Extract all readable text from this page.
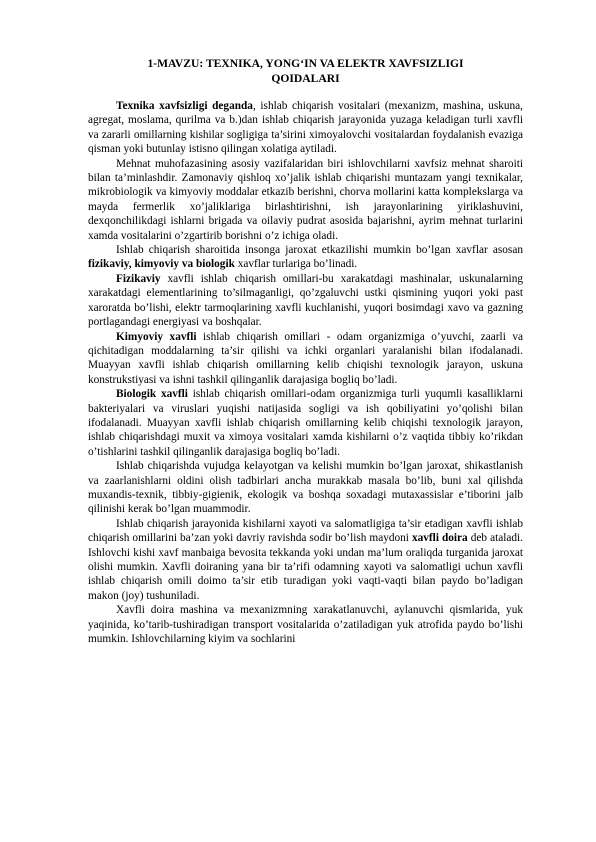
1-MAVZU: TEXNIKA, YONG‘IN VA ELEKTR XAVFSIZLIGI
QOIDALARI

Texnika xavfsizligi deganda, ishlab chiqarish vositalari (mexanizm, mashina, uskuna, agregat, moslama, qurilma va b.)dan ishlab chiqarish jarayonida yuzaga keladigan turli xavfli va zararli omillarning kishilar sogligiga ta’sirini ximoyalovchi vositalardan foydalanish evaziga qisman yoki butunlay istisno qilingan xolatiga aytiladi.

Mehnat muhofazasining asosiy vazifalaridan biri ishlovchilarni xavfsiz mehnat sharoiti bilan ta’minlashdir. Zamonaviy qishloq xo’jalik ishlab chiqarishi muntazam yangi texnikalar, mikrobiologik va kimyoviy moddalar etkazib berishni, chorva mollarini katta komplekslarga va mayda fermerlik xo’jaliklariga birlashtirishni, ish jarayonlarining yiriklashuvini, dexqonchilikdagi ishlarni brigada va oilaviy pudrat asosida bajarishni, ayrim mehnat turlarini xamda vositalarini o’zgartirib borishni o’z ichiga oladi.

Ishlab chiqarish sharoitida insonga jaroxat etkazilishi mumkin bo’lgan xavflar asosan fizikaviy, kimyoviy va biologik xavflar turlariga bo’linadi.

Fizikaviy xavfli ishlab chiqarish omillari-bu xarakatdagi mashinalar, uskunalarning xarakatdagi elementlarining to’silmaganligi, qo’zgaluvchi ustki qismining yuqori yoki past xaroratda bo’lishi, elektr tarmoqlarining xavfli kuchlanishi, yuqori bosimdagi xavo va gazning portlagandagi energiyasi va boshqalar.

Kimyoviy xavfli ishlab chiqarish omillari - odam organizmiga o’yuvchi, zaarli va qichitadigan moddalarning ta’sir qilishi va ichki organlari yaralanishi bilan ifodalanadi. Muayyan xavfli ishlab chiqarish omillarning kelib chiqishi texnologik jarayon, uskuna konstrukstiyasi va ishni tashkil qilinganlik darajasiga bogliq bo’ladi.

Biologik xavfli ishlab chiqarish omillari-odam organizmiga turli yuqumli kasalliklarni bakteriyalari va viruslari yuqishi natijasida sogligi va ish qobiliyatini yo’qolishi bilan ifodalanadi. Muayyan xavfli ishlab chiqarish omillarning kelib chiqishi texnologik jarayon, ishlab chiqarishdagi muxit va ximoya vositalari xamda kishilarni o’z vaqtida tibbiy ko’rikdan o’tishlarini tashkil qilinganlik darajasiga bogliq bo’ladi.

Ishlab chiqarishda vujudga kelayotgan va kelishi mumkin bo’lgan jaroxat, shikastlanish va zaarlanishlarni oldini olish tadbirlari ancha murakkab masala bo’lib, buni xal qilishda muxandis-texnik, tibbiy-gigienik, ekologik va boshqa soxadagi mutaxassislar e’tiborini jalb qilinishi kerak bo’lgan muammodir.

Ishlab chiqarish jarayonida kishilarni xayoti va salomatligiga ta’sir etadigan xavfli ishlab chiqarish omillarini ba’zan yoki davriy ravishda sodir bo’lish maydoni xavfli doira deb ataladi. Ishlovchi kishi xavf manbaiga bevosita tekkanda yoki undan ma’lum oraliqda turganida jaroxat olishi mumkin. Xavfli doiraning yana bir ta’rifi odamning xayoti va salomatligi uchun xavfli ishlab chiqarish omili doimo ta’sir etib turadigan yoki vaqti-vaqti bilan paydo bo’ladigan makon (joy) tushuniladi.

Xavfli doira mashina va mexanizmning xarakatlanuvchi, aylanuvchi qismlarida, yuk yaqinida, ko’tarib-tushiradigan transport vositalarida o’zatiladigan yuk atrofida paydo bo’lishi mumkin. Ishlovchilarning kiyim va sochlarini
